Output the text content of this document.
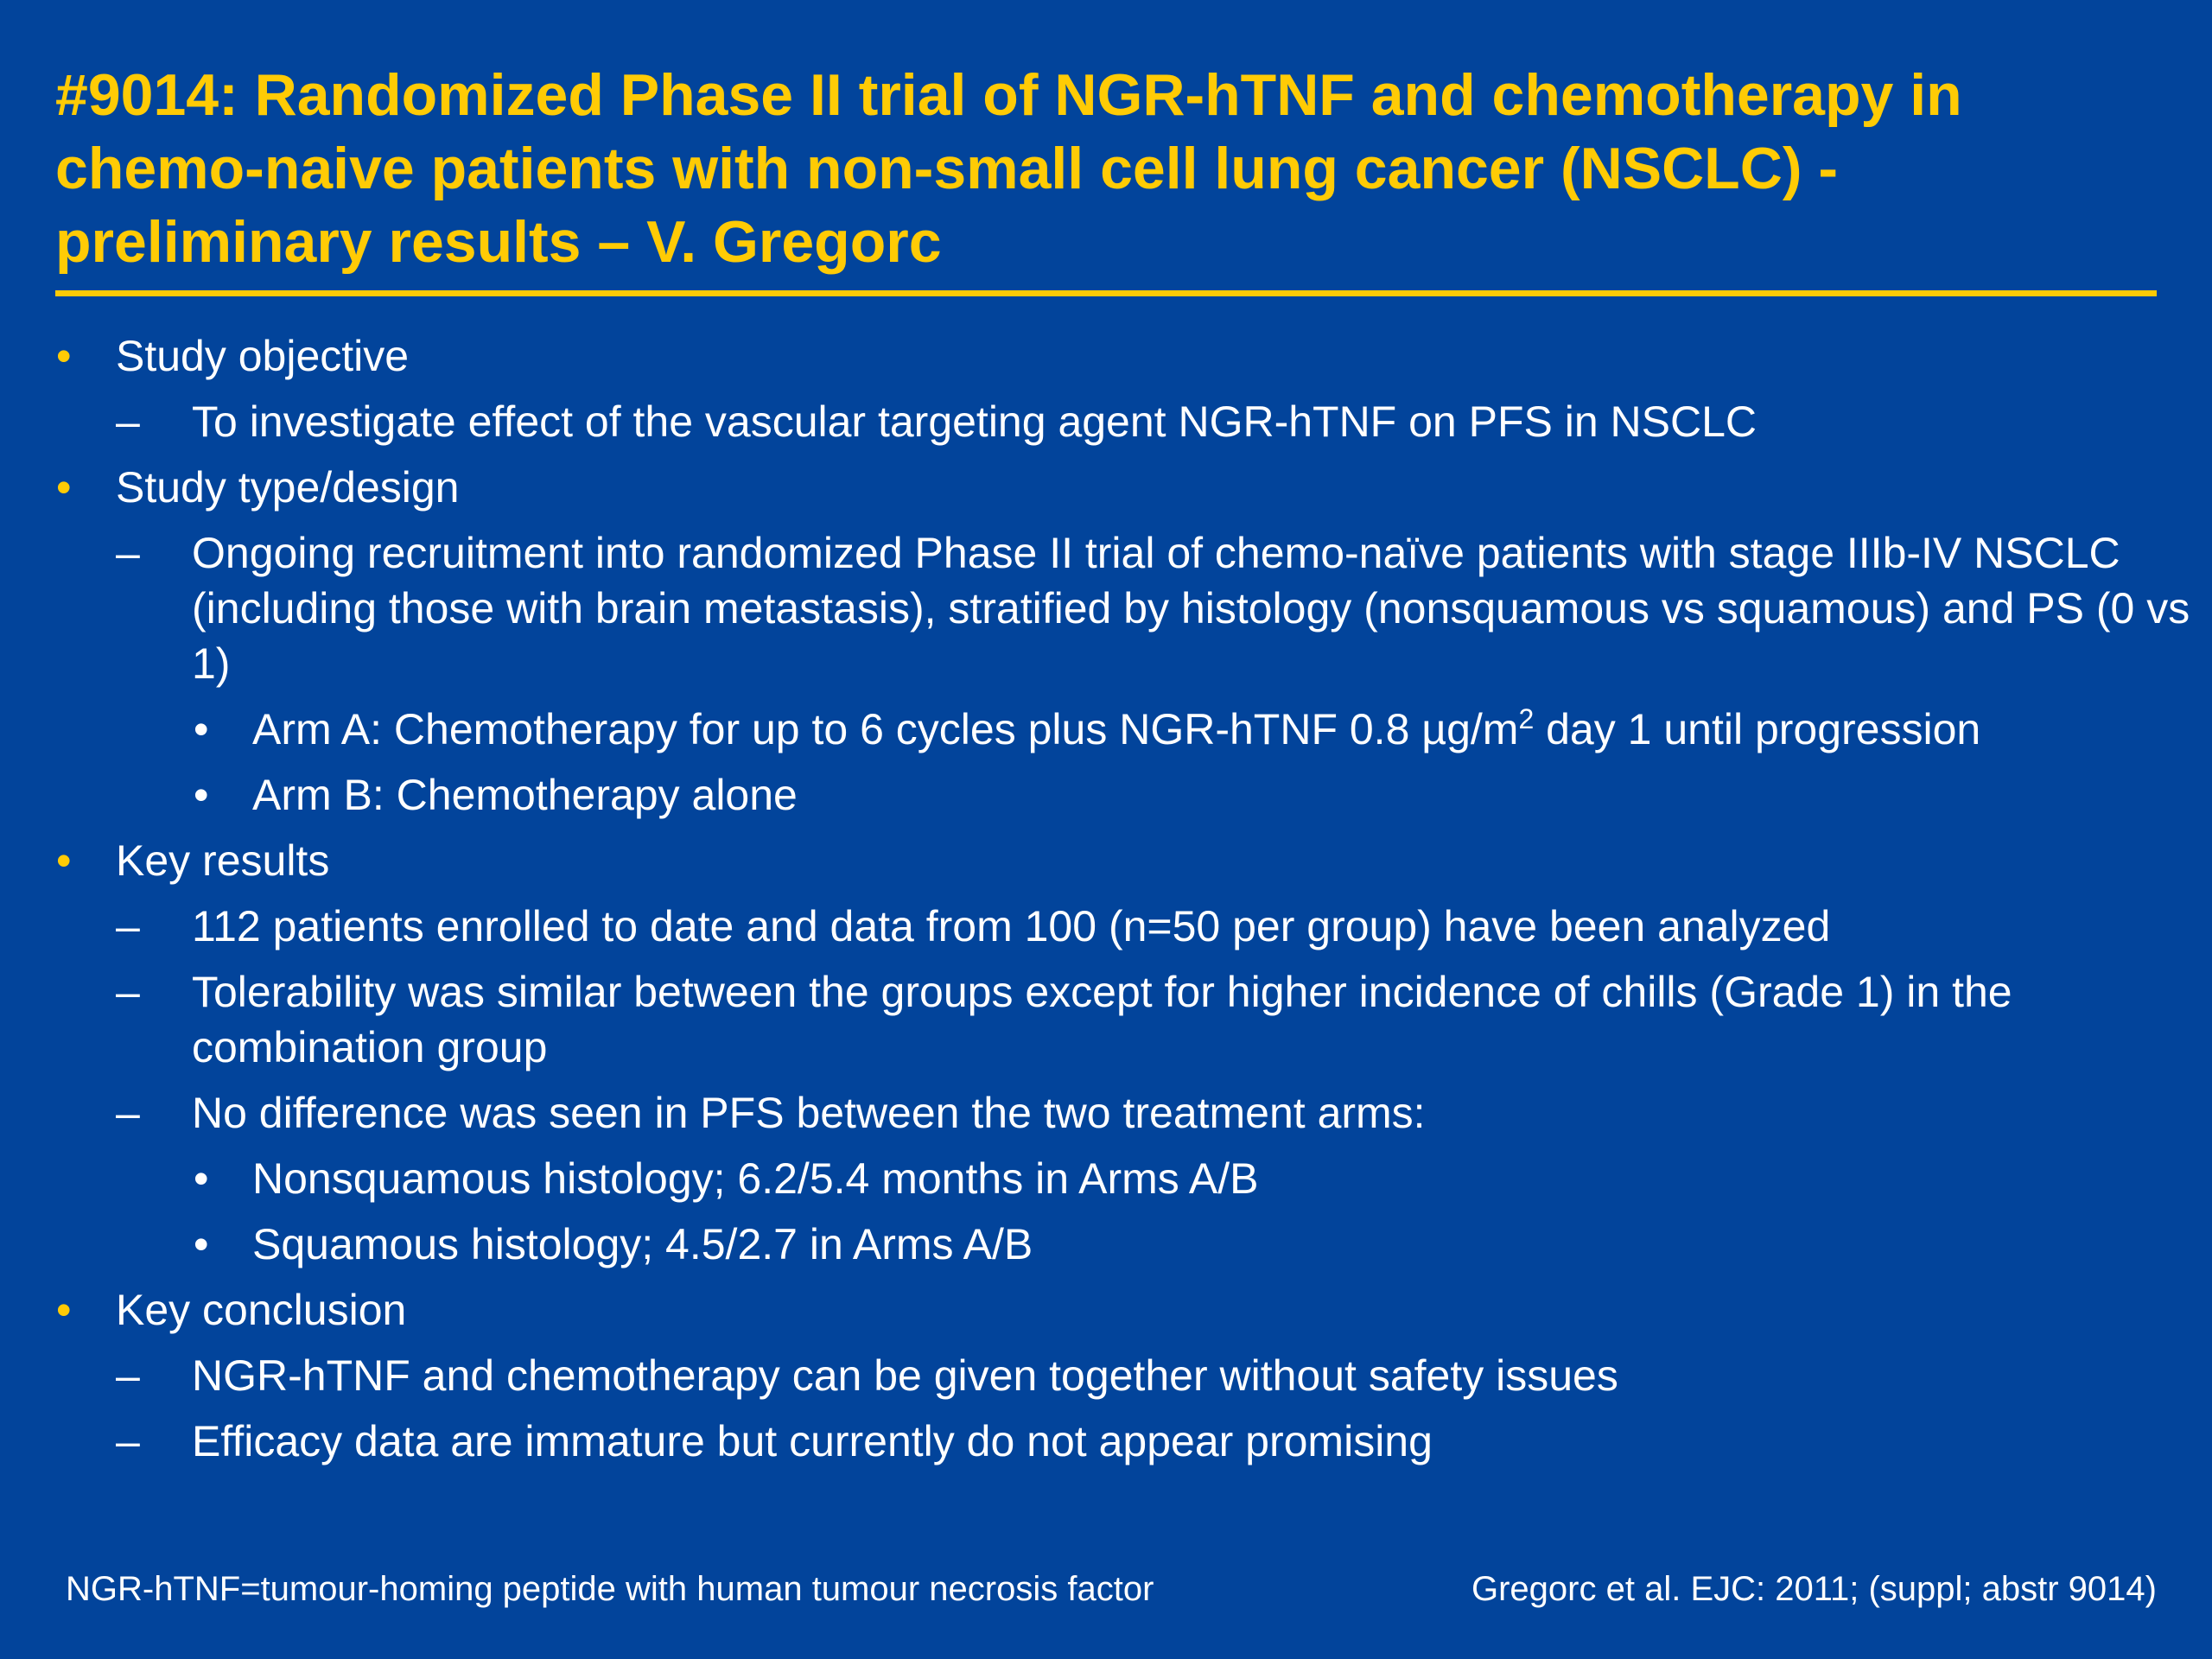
#9014: Randomized Phase II trial of NGR-hTNF and chemotherapy in chemo-naive patients with non-small cell lung cancer (NSCLC) - preliminary results – V. Gregorc
• Study objective
– To investigate effect of the vascular targeting agent NGR-hTNF on PFS in NSCLC
• Study type/design
– Ongoing recruitment into randomized Phase II trial of chemo-naïve patients with stage IIIb-IV NSCLC (including those with brain metastasis), stratified by histology (nonsquamous vs squamous) and PS (0 vs 1)
• Arm A: Chemotherapy for up to 6 cycles plus NGR-hTNF 0.8 $\mu g/m^2$ day 1 until progression
• Arm B: Chemotherapy alone
• Key results
– 112 patients enrolled to date and data from 100 (n=50 per group) have been analyzed
– Tolerability was similar between the groups except for higher incidence of chills (Grade 1) in the combination group
– No difference was seen in PFS between the two treatment arms:
• Nonsquamous histology; 6.2/5.4 months in Arms A/B
• Squamous histology; 4.5/2.7 in Arms A/B
• Key conclusion
– NGR-hTNF and chemotherapy can be given together without safety issues
– Efficacy data are immature but currently do not appear promising
NGR-hTNF=tumour-homing peptide with human tumour necrosis factor	Gregorc et al. EJC: 2011; (suppl; abstr 9014)
